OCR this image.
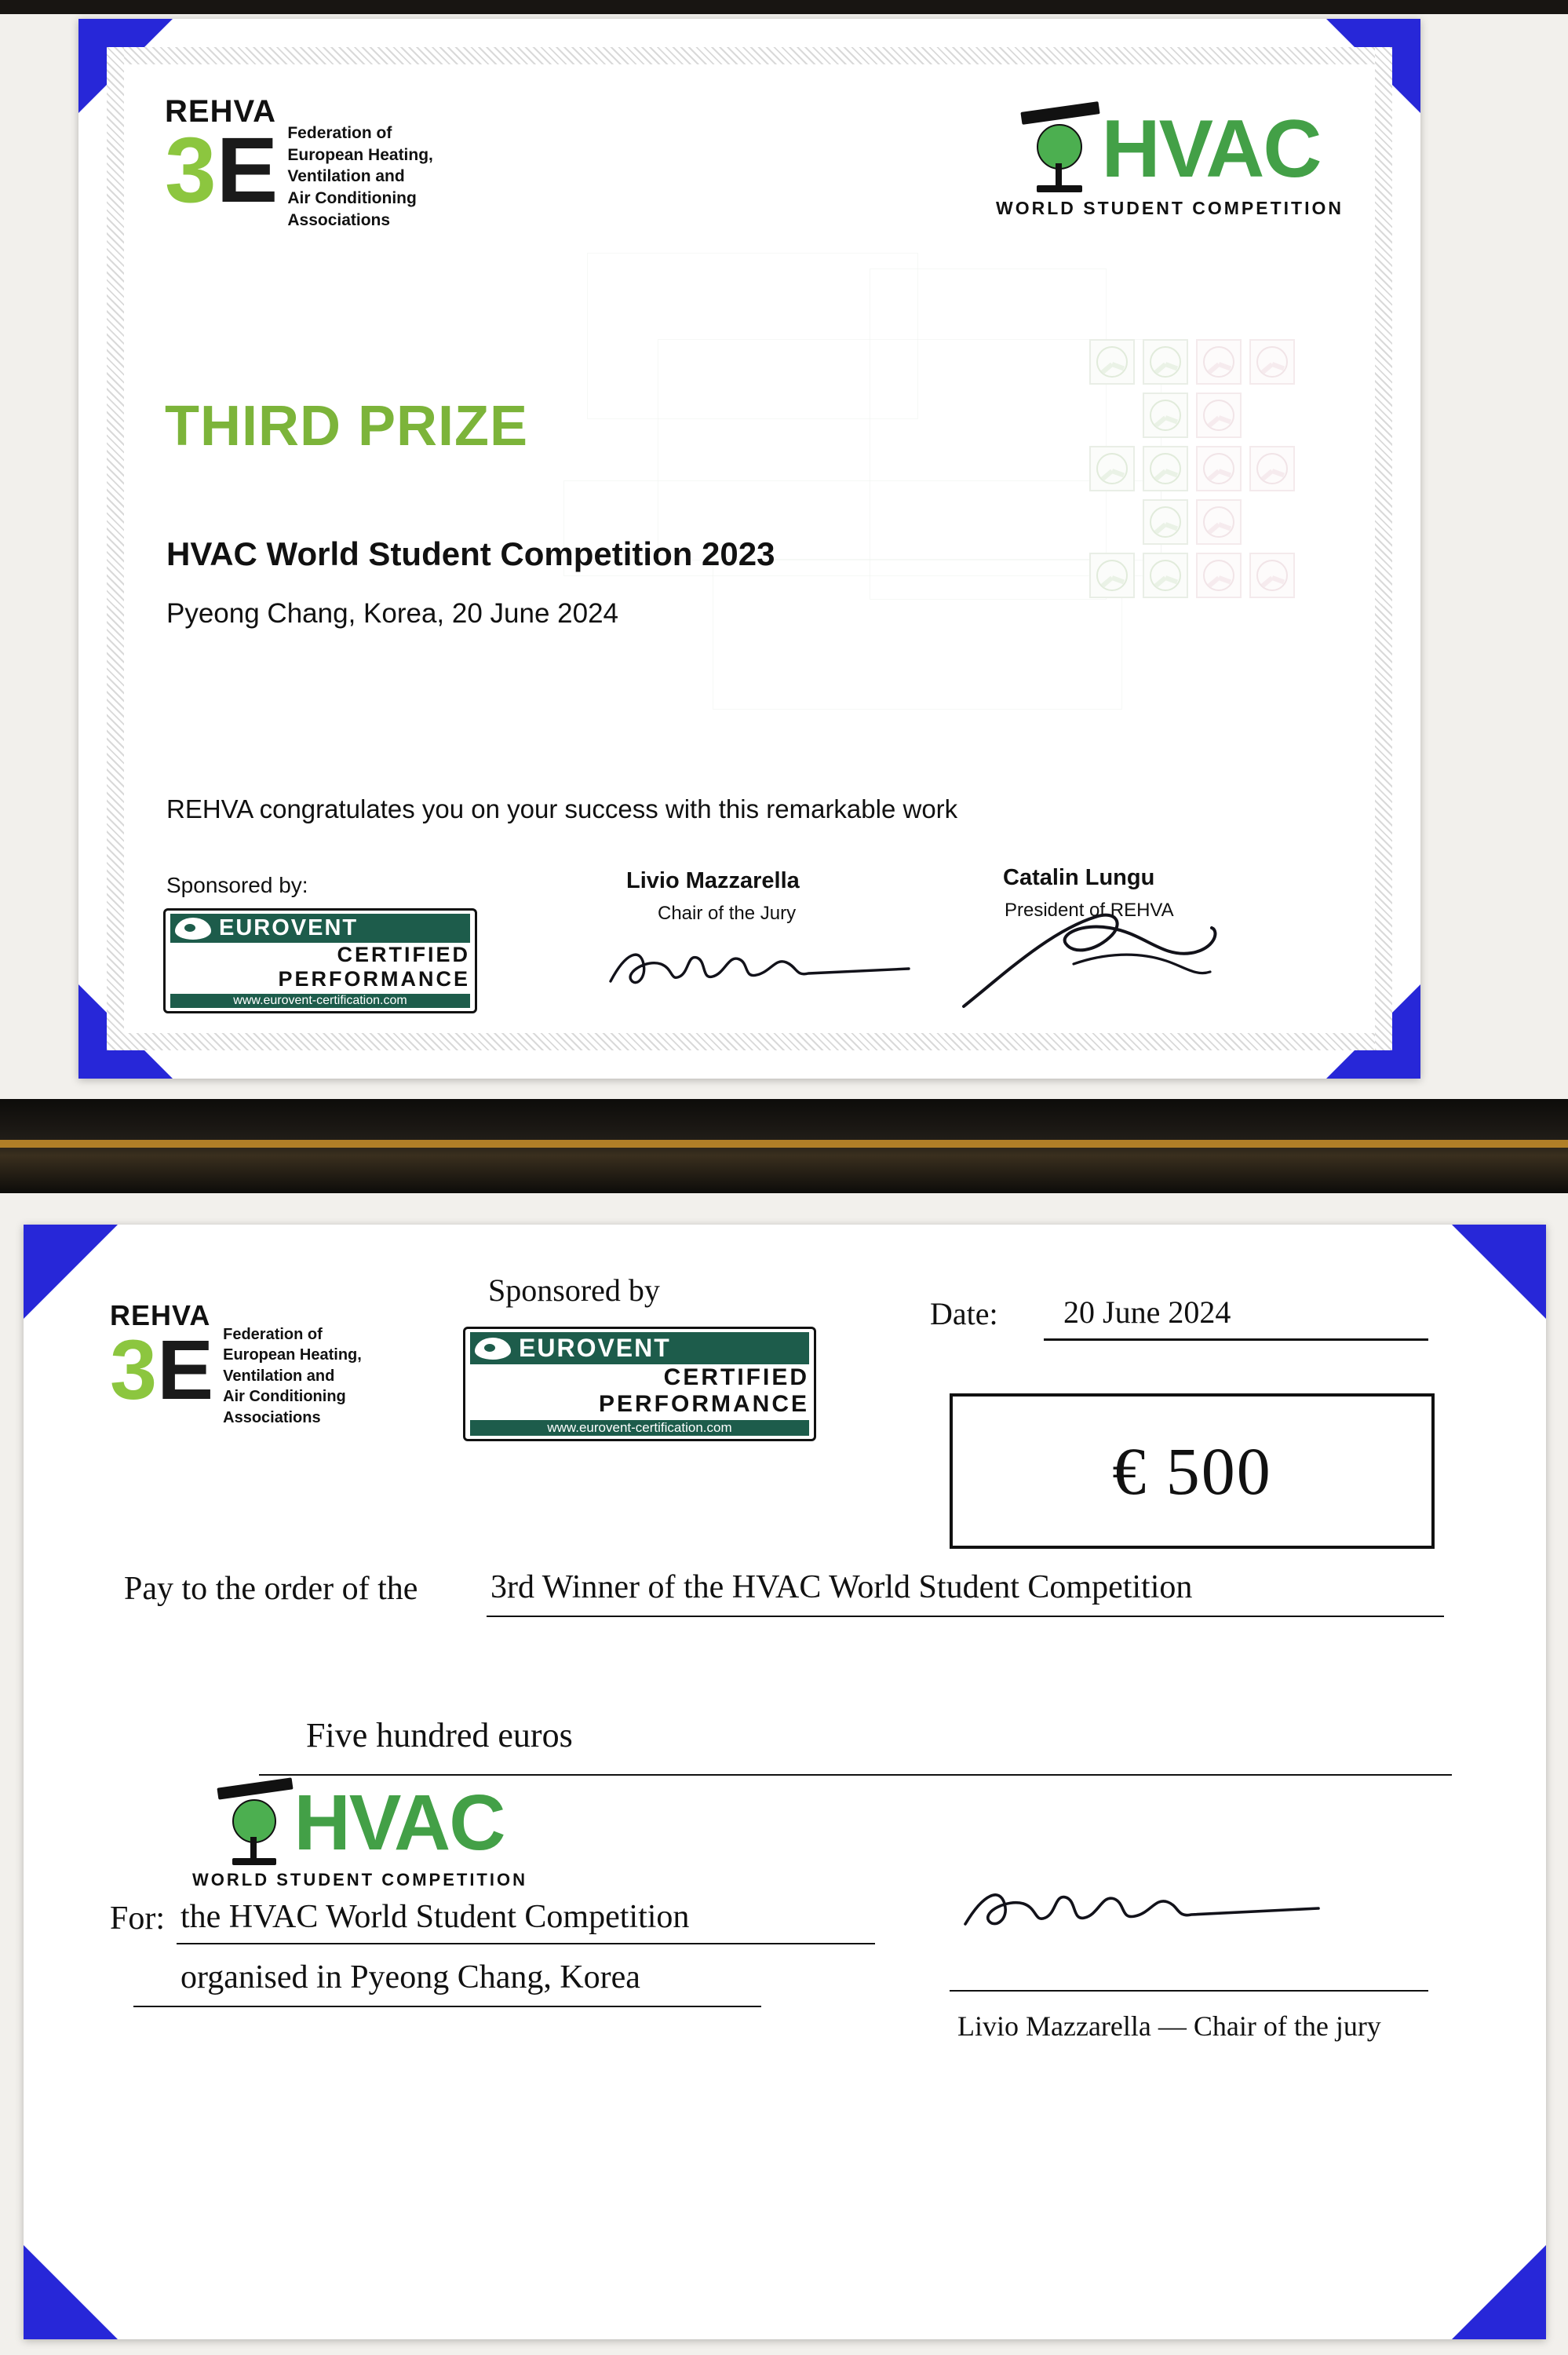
REHVA
3E Federation of
European Heating,
Ventilation and
Air Conditioning
Associations
HVAC
WORLD STUDENT COMPETITION
THIRD PRIZE
HVAC World Student Competition 2023
Pyeong Chang, Korea, 20 June 2024
REHVA congratulates you on your success with this remarkable work
Sponsored by:
EUROVENT
CERTIFIED
PERFORMANCE
www.eurovent-certification.com
Livio Mazzarella
Chair of the Jury
Catalin Lungu
President of REHVA
REHVA
3E Federation of
European Heating,
Ventilation and
Air Conditioning
Associations
Sponsored by
EUROVENT
CERTIFIED
PERFORMANCE
www.eurovent-certification.com
Date: 20 June 2024
€ 500
Pay to the order of the 3rd Winner of the HVAC World Student Competition
Five hundred euros
HVAC
WORLD STUDENT COMPETITION
For: the HVAC World Student Competition
organised in Pyeong Chang, Korea
Livio Mazzarella — Chair of the jury
